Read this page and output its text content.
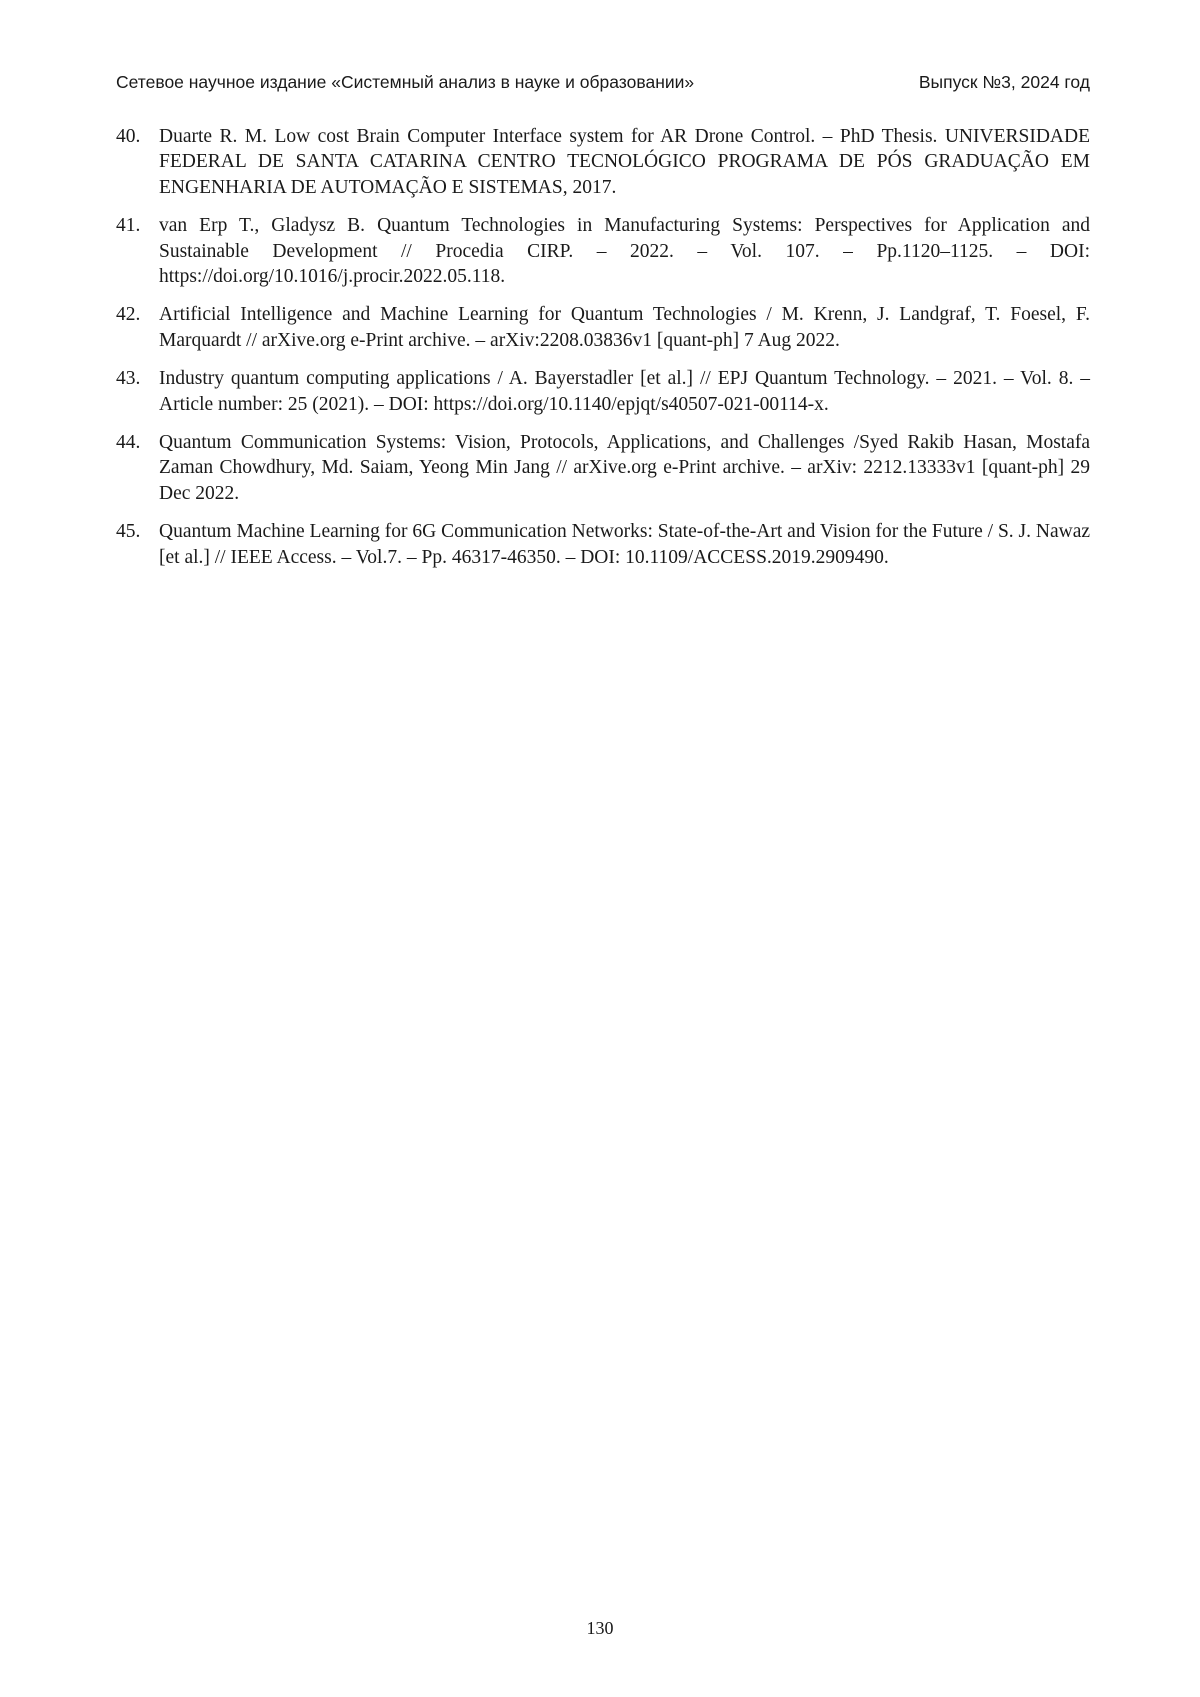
Сетевое научное издание «Системный анализ в науке и образовании»	Выпуск №3, 2024 год
40. Duarte R. M. Low cost Brain Computer Interface system for AR Drone Control. – PhD Thesis. UNIVERSIDADE FEDERAL DE SANTA CATARINA CENTRO TECNOLÓGICO PROGRAMA DE PÓS GRADUAÇÃO EM ENGENHARIA DE AUTOMAÇÃO E SISTEMAS, 2017.
41. van Erp T., Gladysz B. Quantum Technologies in Manufacturing Systems: Perspectives for Application and Sustainable Development // Procedia CIRP. – 2022. – Vol. 107. – Pp.1120–1125. – DOI: https://doi.org/10.1016/j.procir.2022.05.118.
42. Artificial Intelligence and Machine Learning for Quantum Technologies / M. Krenn, J. Landgraf, T. Foesel, F. Marquardt // arXive.org e-Print archive. – arXiv:2208.03836v1 [quant-ph] 7 Aug 2022.
43. Industry quantum computing applications / A. Bayerstadler [et al.] // EPJ Quantum Technology. – 2021. – Vol. 8. – Article number: 25 (2021). – DOI: https://doi.org/10.1140/epjqt/s40507-021-00114-x.
44. Quantum Communication Systems: Vision, Protocols, Applications, and Challenges /Syed Rakib Hasan, Mostafa Zaman Chowdhury, Md. Saiam, Yeong Min Jang // arXive.org e-Print archive. – arXiv: 2212.13333v1 [quant-ph] 29 Dec 2022.
45. Quantum Machine Learning for 6G Communication Networks: State-of-the-Art and Vision for the Future / S. J. Nawaz [et al.] // IEEE Access. – Vol.7. – Pp. 46317-46350. – DOI: 10.1109/ACCESS.2019.2909490.
130
